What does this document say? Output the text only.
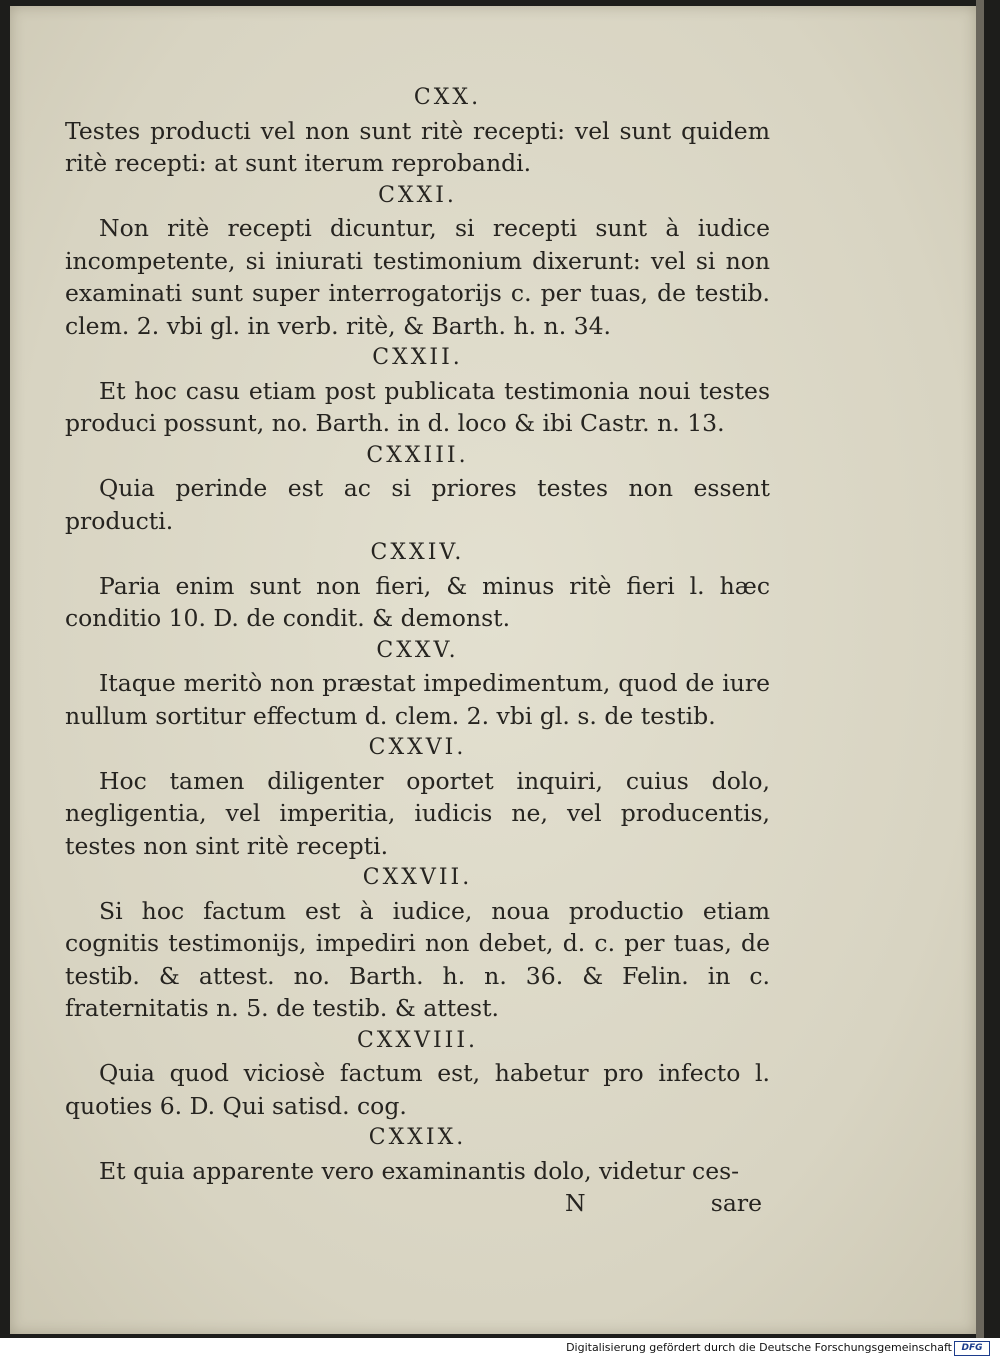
CXX.
Testes producti vel non sunt ritè recepti: vel sunt quidem ritè recepti: at sunt iterum reprobandi.
CXXI.
Non ritè recepti dicuntur, si recepti sunt à iudice incompetente, si iniurati testimonium dixerunt: vel si non examinati sunt super interrogatorijs c. per tuas, de testib. clem. 2. vbi gl. in verb. ritè, & Barth. h. n. 34.
CXXII.
Et hoc casu etiam post publicata testimonia noui testes produci possunt, no. Barth. in d. loco & ibi Castr. n. 13.
CXXIII.
Quia perinde est ac si priores testes non essent producti.
CXXIV.
Paria enim sunt non fieri, & minus ritè fieri l. hæc conditio 10. D. de condit. & demonst.
CXXV.
Itaque meritò non præstat impedimentum, quod de iure nullum sortitur effectum d. clem. 2. vbi gl. s. de testib.
CXXVI.
Hoc tamen diligenter oportet inquiri, cuius dolo, negligentia, vel imperitia, iudicis ne, vel producentis, testes non sint ritè recepti.
CXXVII.
Si hoc factum est à iudice, noua productio etiam cognitis testimonijs, impediri non debet, d. c. per tuas, de testib. & attest. no. Barth. h. n. 36. & Felin. in c. fraternitatis n. 5. de testib. & attest.
CXXVIII.
Quia quod viciosè factum est, habetur pro infecto l. quoties 6. D. Qui satisd. cog.
CXXIX.
Et quia apparente vero examinantis dolo, videtur ces-
N	sare
Digitalisierung gefördert durch die Deutsche Forschungsgemeinschaft	DFG
